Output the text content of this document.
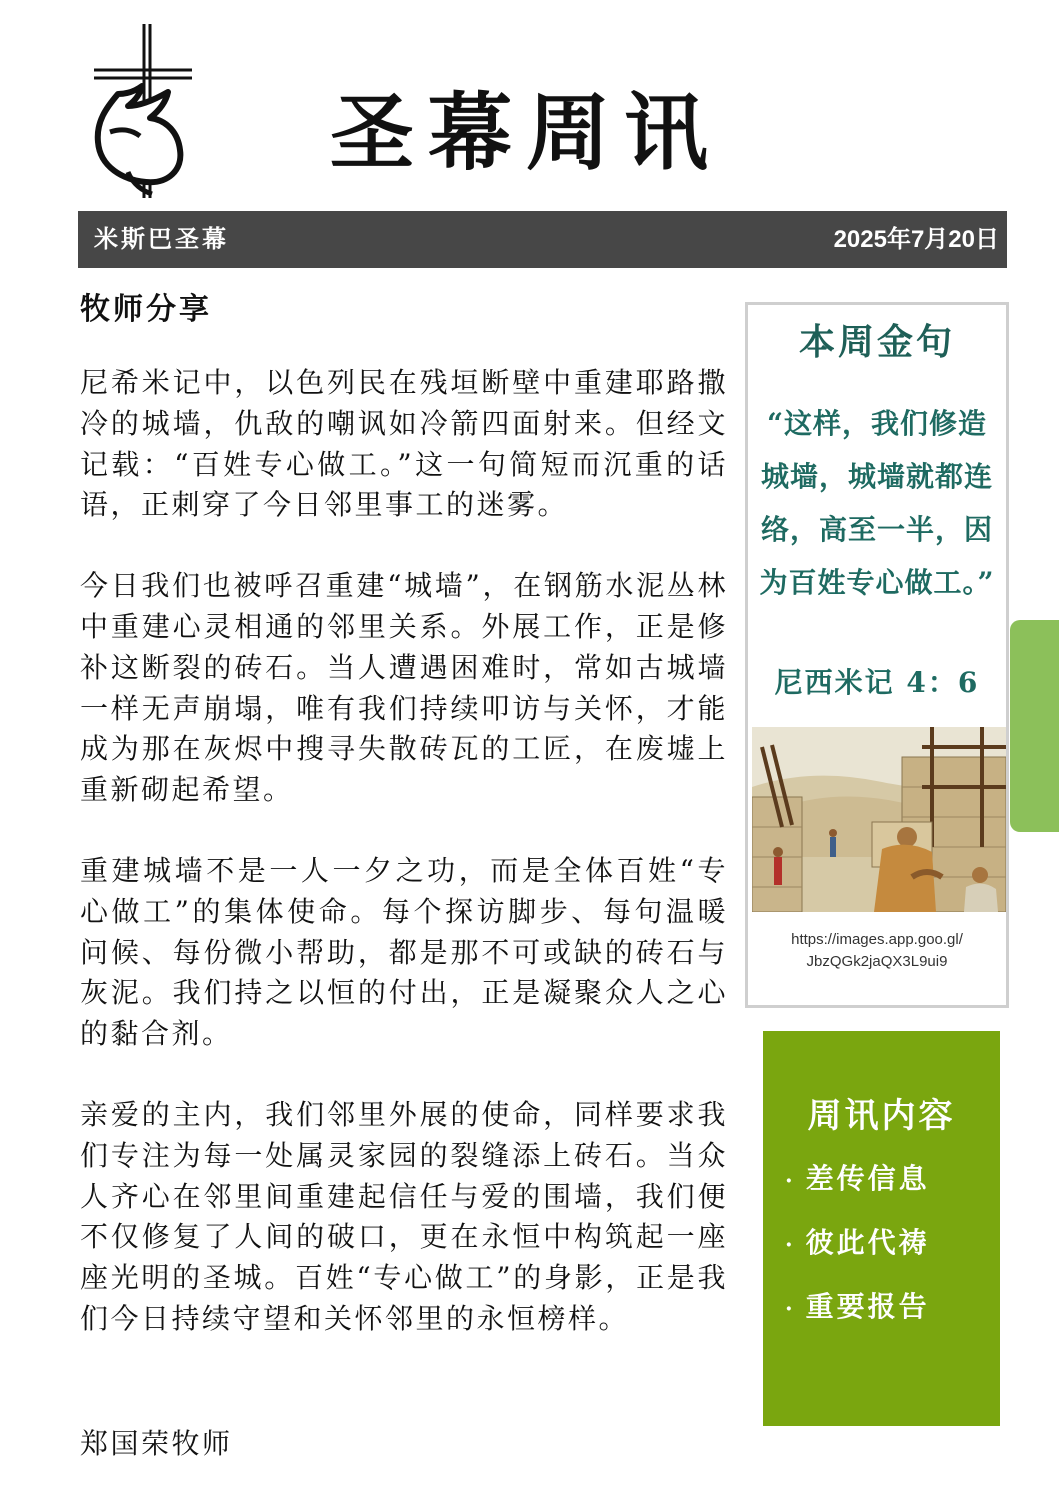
圣幕周讯
米斯巴圣幕	2025年7月20日
牧师分享

尼希米记中，以色列民在残垣断壁中重建耶路撒冷的城墙，仇敌的嘲讽如冷箭四面射来。但经文记载：“百姓专心做工。”这一句简短而沉重的话语，正刺穿了今日邻里事工的迷雾。

今日我们也被呼召重建“城墙”，在钢筋水泥丛林中重建心灵相通的邻里关系。外展工作，正是修补这断裂的砖石。当人遭遇困难时，常如古城墙一样无声崩塌，唯有我们持续叩访与关怀，才能成为那在灰烬中搜寻失散砖瓦的工匠，在废墟上重新砌起希望。

重建城墙不是一人一夕之功，而是全体百姓“专心做工”的集体使命。每个探访脚步、每句温暖问候、每份微小帮助，都是那不可或缺的砖石与灰泥。我们持之以恒的付出，正是凝聚众人之心的黏合剂。

亲爱的主内，我们邻里外展的使命，同样要求我们专注为每一处属灵家园的裂缝添上砖石。当众人齐心在邻里间重建起信任与爱的围墙，我们便不仅修复了人间的破口，更在永恒中构筑起一座座光明的圣城。百姓“专心做工”的身影，正是我们今日持续守望和关怀邻里的永恒榜样。

郑国荣牧师
本周金句
“这样，我们修造城墙，城墙就都连络，高至一半，因为百姓专心做工。”
尼西米记 4：6
https://images.app.goo.gl/
JbzQGk2jaQX3L9ui9
周讯内容
· 差传信息
· 彼此代祷
· 重要报告
